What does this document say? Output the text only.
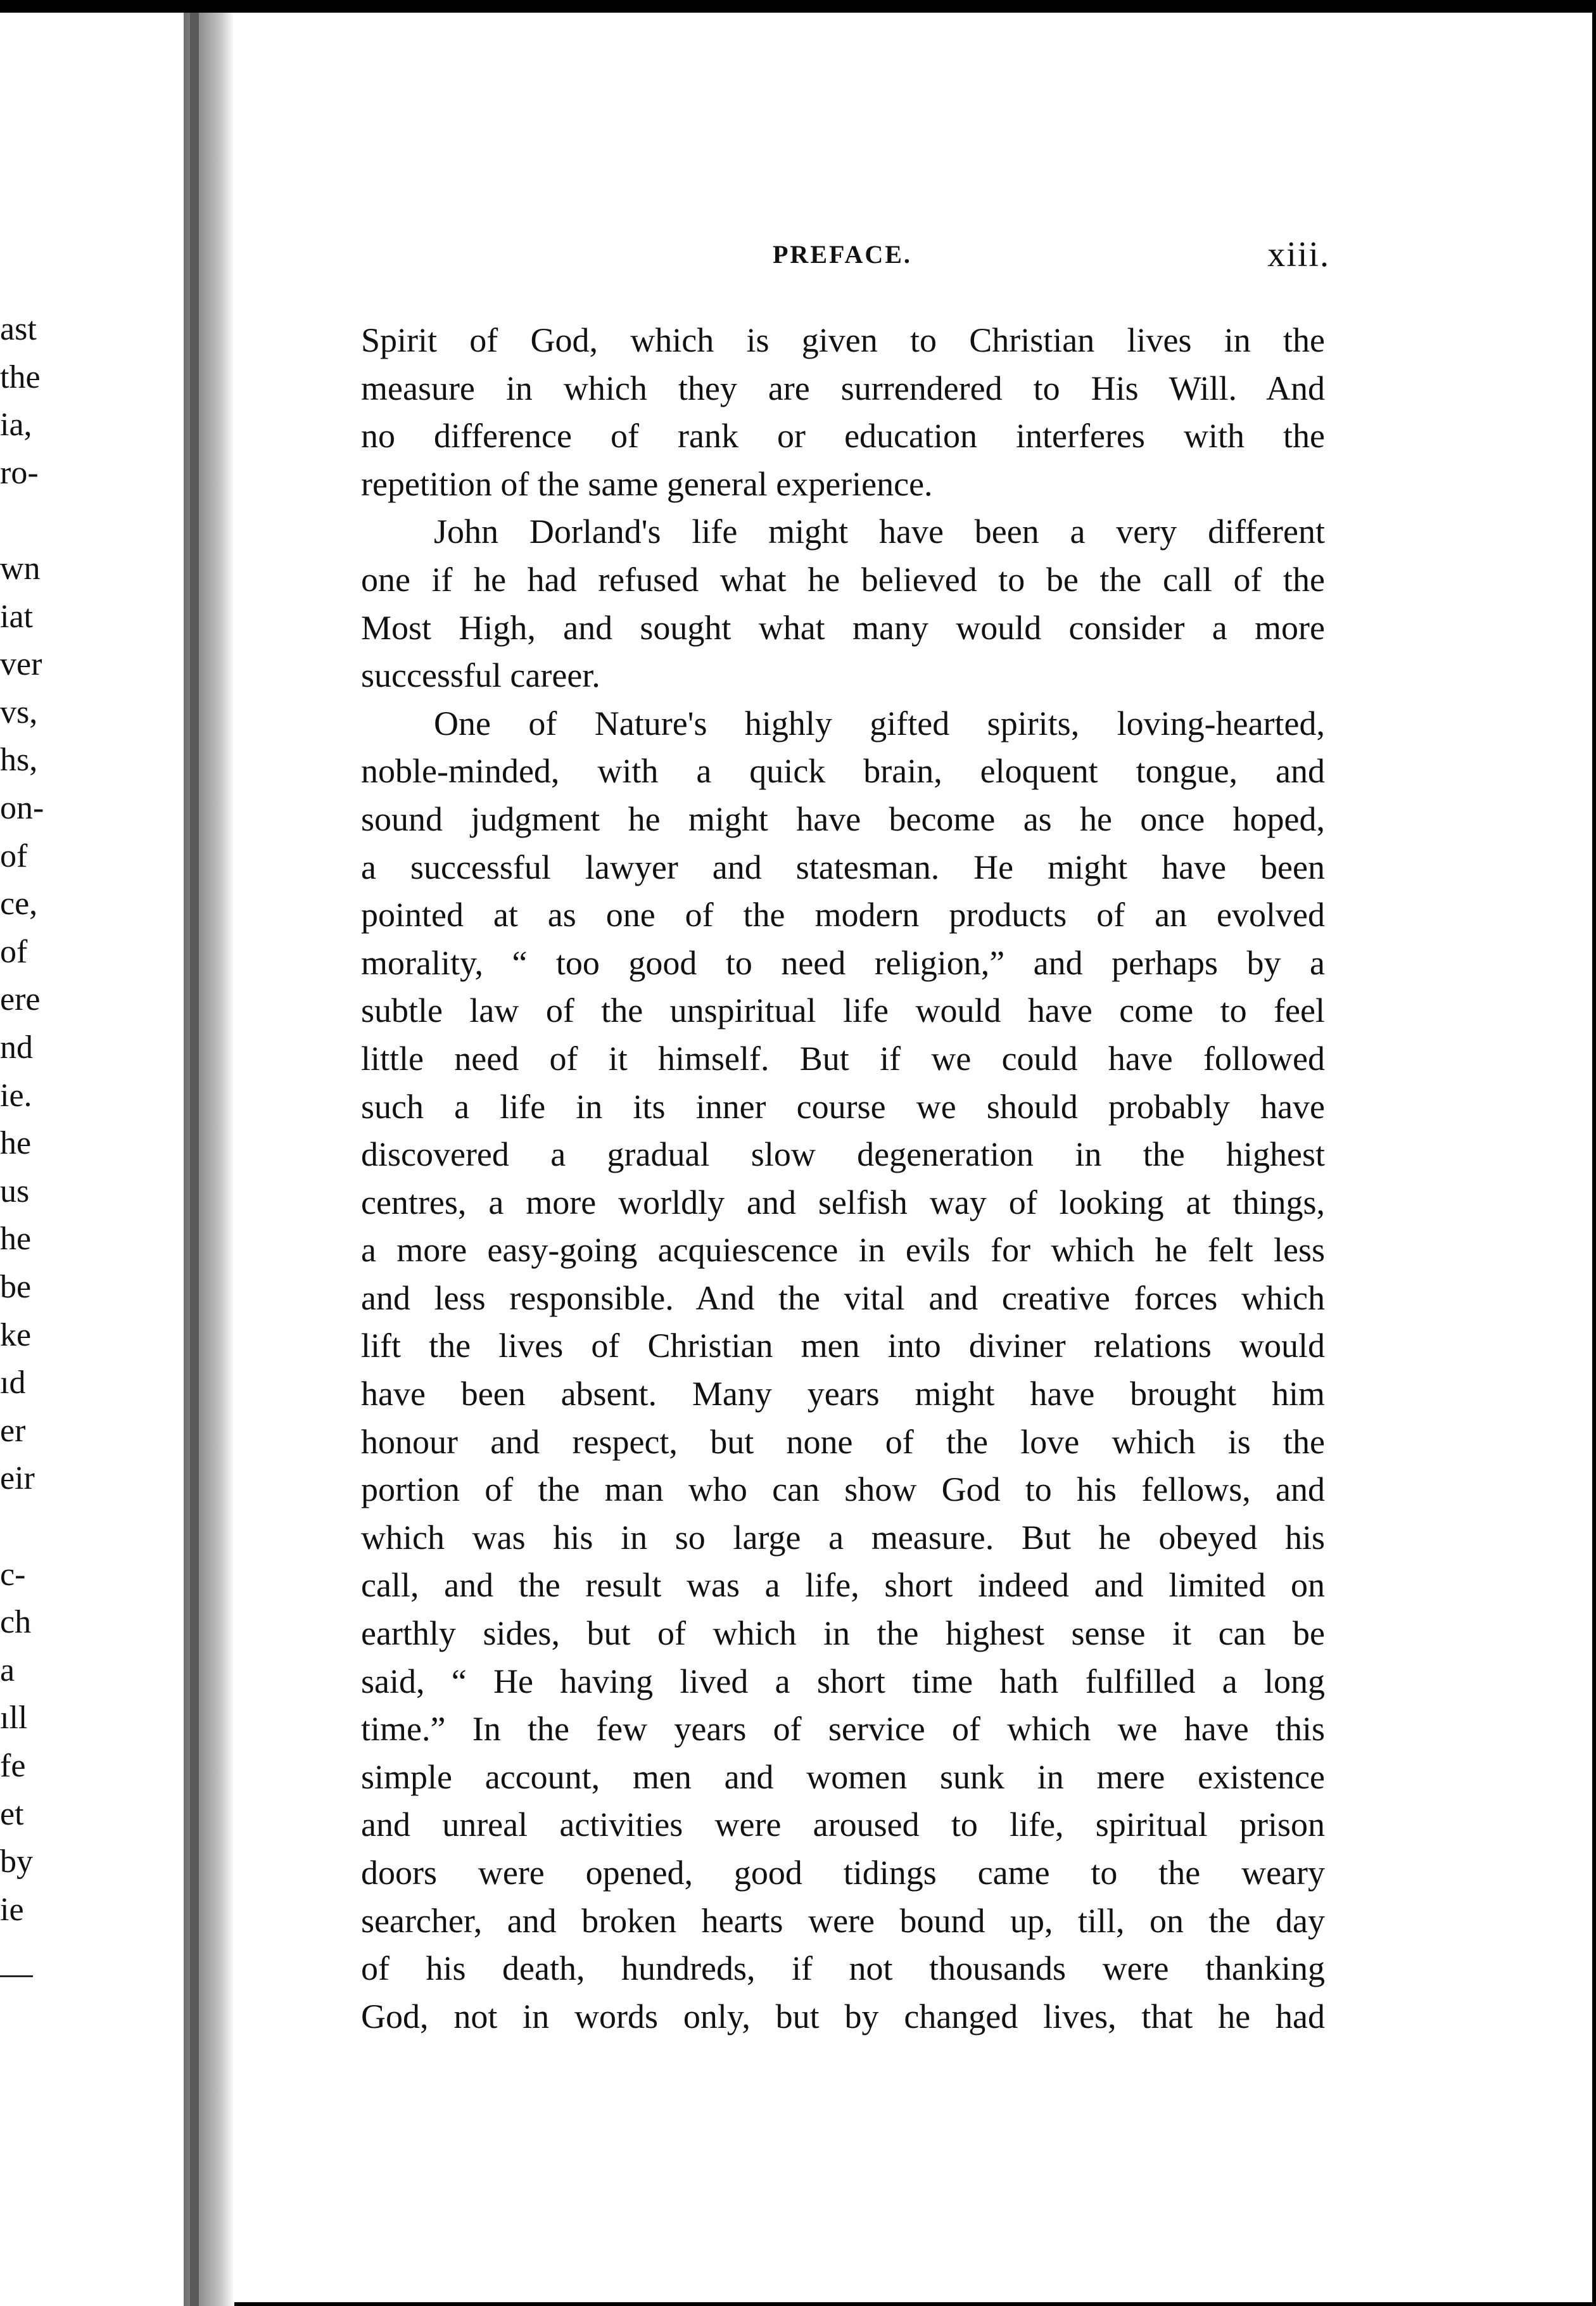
ast
the
ia,
ro-
wn
iat
ver
vs,
hs,
on-
of
ce,
of
ere
nd
ie.
he
us
he
be
ke
ıd
er
eir
c-
ch
a
ıll
fe
et
by
ie
PREFACE.	xiii.
Spirit of God, which is given to Christian lives in the
measure in which they are surrendered to His Will. And
no difference of rank or education interferes with the
repetition of the same general experience.
John Dorland's life might have been a very different
one if he had refused what he believed to be the call of the
Most High, and sought what many would consider a more
successful career.
One of Nature's highly gifted spirits, loving-hearted,
noble-minded, with a quick brain, eloquent tongue, and
sound judgment he might have become as he once hoped,
a successful lawyer and statesman. He might have been
pointed at as one of the modern products of an evolved
morality, “ too good to need religion,” and perhaps by a
subtle law of the unspiritual life would have come to feel
little need of it himself. But if we could have followed
such a life in its inner course we should probably have
discovered a gradual slow degeneration in the highest
centres, a more worldly and selfish way of looking at things,
a more easy-going acquiescence in evils for which he felt less
and less responsible. And the vital and creative forces which
lift the lives of Christian men into diviner relations would
have been absent. Many years might have brought him
honour and respect, but none of the love which is the
portion of the man who can show God to his fellows, and
which was his in so large a measure. But he obeyed his
call, and the result was a life, short indeed and limited on
earthly sides, but of which in the highest sense it can be
said, “ He having lived a short time hath fulfilled a long
time.” In the few years of service of which we have this
simple account, men and women sunk in mere existence
and unreal activities were aroused to life, spiritual prison
doors were opened, good tidings came to the weary
searcher, and broken hearts were bound up, till, on the day
of his death, hundreds, if not thousands were thanking
God, not in words only, but by changed lives, that he had
